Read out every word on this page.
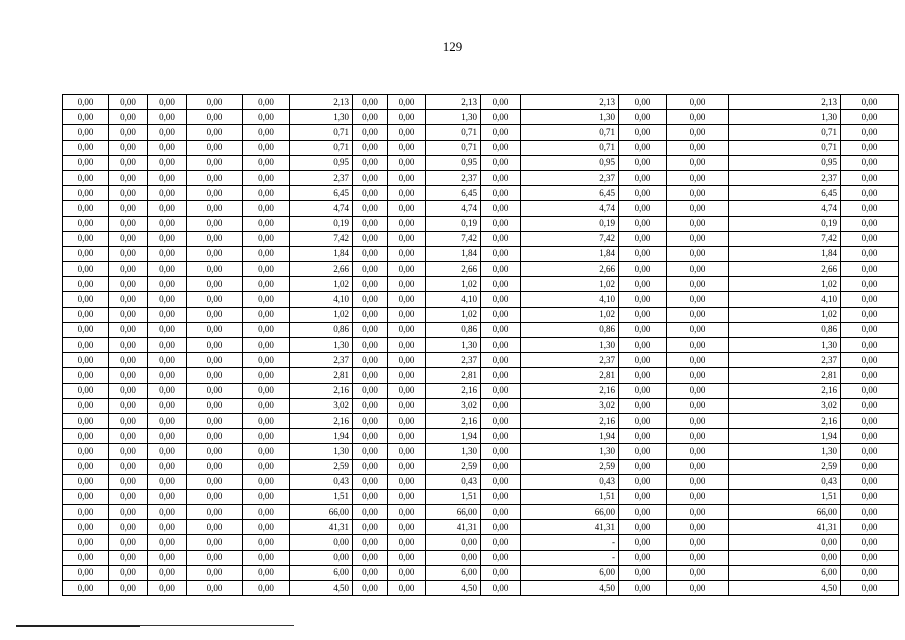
129
0,00	0,00	0,00	0,00	0,00	2,13	0,00	0,00	2,13	0,00	2,13	0,00	0,00	2,13	0,00
0,00	0,00	0,00	0,00	0,00	1,30	0,00	0,00	1,30	0,00	1,30	0,00	0,00	1,30	0,00
0,00	0,00	0,00	0,00	0,00	0,71	0,00	0,00	0,71	0,00	0,71	0,00	0,00	0,71	0,00
0,00	0,00	0,00	0,00	0,00	0,71	0,00	0,00	0,71	0,00	0,71	0,00	0,00	0,71	0,00
0,00	0,00	0,00	0,00	0,00	0,95	0,00	0,00	0,95	0,00	0,95	0,00	0,00	0,95	0,00
0,00	0,00	0,00	0,00	0,00	2,37	0,00	0,00	2,37	0,00	2,37	0,00	0,00	2,37	0,00
0,00	0,00	0,00	0,00	0,00	6,45	0,00	0,00	6,45	0,00	6,45	0,00	0,00	6,45	0,00
0,00	0,00	0,00	0,00	0,00	4,74	0,00	0,00	4,74	0,00	4,74	0,00	0,00	4,74	0,00
0,00	0,00	0,00	0,00	0,00	0,19	0,00	0,00	0,19	0,00	0,19	0,00	0,00	0,19	0,00
0,00	0,00	0,00	0,00	0,00	7,42	0,00	0,00	7,42	0,00	7,42	0,00	0,00	7,42	0,00
0,00	0,00	0,00	0,00	0,00	1,84	0,00	0,00	1,84	0,00	1,84	0,00	0,00	1,84	0,00
0,00	0,00	0,00	0,00	0,00	2,66	0,00	0,00	2,66	0,00	2,66	0,00	0,00	2,66	0,00
0,00	0,00	0,00	0,00	0,00	1,02	0,00	0,00	1,02	0,00	1,02	0,00	0,00	1,02	0,00
0,00	0,00	0,00	0,00	0,00	4,10	0,00	0,00	4,10	0,00	4,10	0,00	0,00	4,10	0,00
0,00	0,00	0,00	0,00	0,00	1,02	0,00	0,00	1,02	0,00	1,02	0,00	0,00	1,02	0,00
0,00	0,00	0,00	0,00	0,00	0,86	0,00	0,00	0,86	0,00	0,86	0,00	0,00	0,86	0,00
0,00	0,00	0,00	0,00	0,00	1,30	0,00	0,00	1,30	0,00	1,30	0,00	0,00	1,30	0,00
0,00	0,00	0,00	0,00	0,00	2,37	0,00	0,00	2,37	0,00	2,37	0,00	0,00	2,37	0,00
0,00	0,00	0,00	0,00	0,00	2,81	0,00	0,00	2,81	0,00	2,81	0,00	0,00	2,81	0,00
0,00	0,00	0,00	0,00	0,00	2,16	0,00	0,00	2,16	0,00	2,16	0,00	0,00	2,16	0,00
0,00	0,00	0,00	0,00	0,00	3,02	0,00	0,00	3,02	0,00	3,02	0,00	0,00	3,02	0,00
0,00	0,00	0,00	0,00	0,00	2,16	0,00	0,00	2,16	0,00	2,16	0,00	0,00	2,16	0,00
0,00	0,00	0,00	0,00	0,00	1,94	0,00	0,00	1,94	0,00	1,94	0,00	0,00	1,94	0,00
0,00	0,00	0,00	0,00	0,00	1,30	0,00	0,00	1,30	0,00	1,30	0,00	0,00	1,30	0,00
0,00	0,00	0,00	0,00	0,00	2,59	0,00	0,00	2,59	0,00	2,59	0,00	0,00	2,59	0,00
0,00	0,00	0,00	0,00	0,00	0,43	0,00	0,00	0,43	0,00	0,43	0,00	0,00	0,43	0,00
0,00	0,00	0,00	0,00	0,00	1,51	0,00	0,00	1,51	0,00	1,51	0,00	0,00	1,51	0,00
0,00	0,00	0,00	0,00	0,00	66,00	0,00	0,00	66,00	0,00	66,00	0,00	0,00	66,00	0,00
0,00	0,00	0,00	0,00	0,00	41,31	0,00	0,00	41,31	0,00	41,31	0,00	0,00	41,31	0,00
0,00	0,00	0,00	0,00	0,00	0,00	0,00	0,00	0,00	0,00	-	0,00	0,00	0,00	0,00
0,00	0,00	0,00	0,00	0,00	0,00	0,00	0,00	0,00	0,00	-	0,00	0,00	0,00	0,00
0,00	0,00	0,00	0,00	0,00	6,00	0,00	0,00	6,00	0,00	6,00	0,00	0,00	6,00	0,00
0,00	0,00	0,00	0,00	0,00	4,50	0,00	0,00	4,50	0,00	4,50	0,00	0,00	4,50	0,00
